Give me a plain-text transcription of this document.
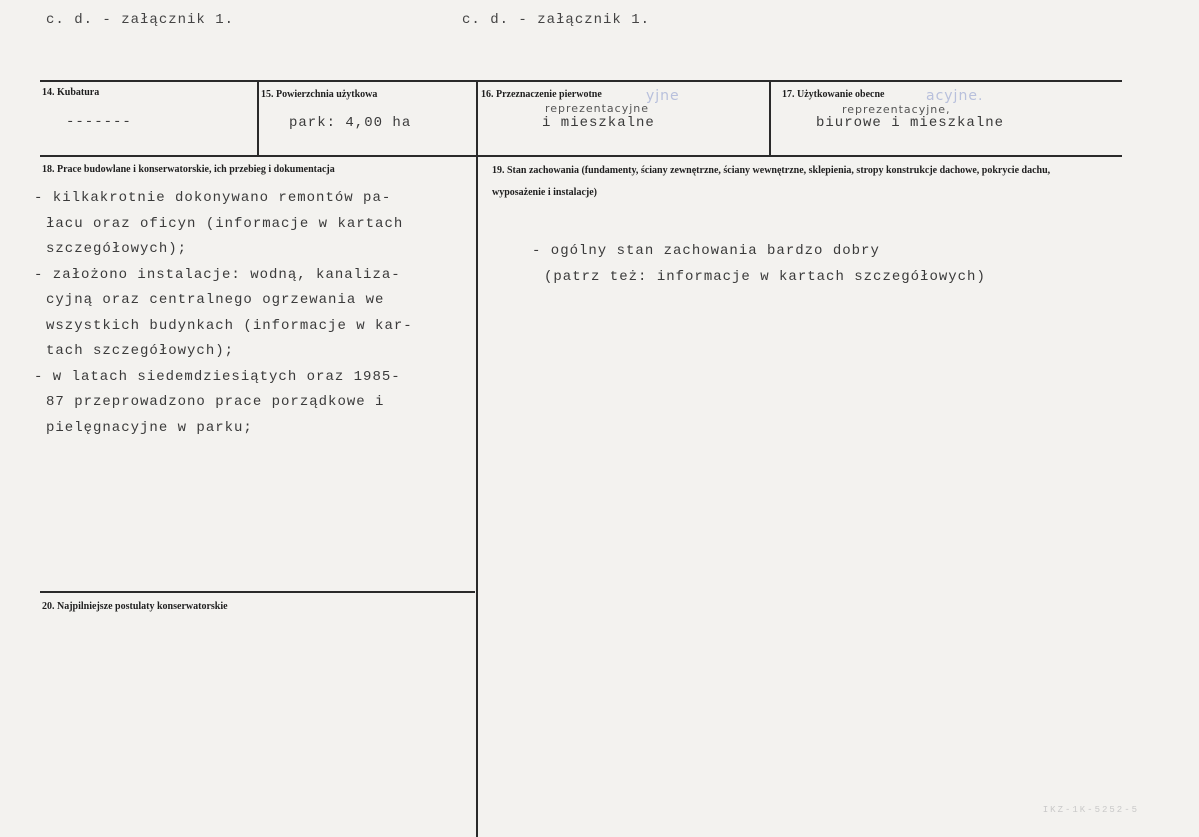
c. d. - załącznik 1.	c. d. - załącznik 1.
14. Kubatura
-------
15. Powierzchnia użytkowa
park: 4,00 ha
yjne
16. Przeznaczenie pierwotne
reprezentacyjne
i mieszkalne
acyjne.
17. Użytkowanie obecne
reprezentacyjne,
biurowe i mieszkalne
18. Prace budowlane i konserwatorskie, ich przebieg i dokumentacja
- kilkakrotnie dokonywano remontów pa-
łacu oraz oficyn (informacje w kartach
szczegółowych);
- założono instalacje: wodną, kanaliza-
cyjną oraz centralnego ogrzewania we
wszystkich budynkach (informacje w kar-
tach szczegółowych);
- w latach siedemdziesiątych oraz 1985-
87 przeprowadzono prace porządkowe i
pielęgnacyjne w parku;
19. Stan zachowania (fundamenty, ściany zewnętrzne, ściany wewnętrzne, sklepienia, stropy konstrukcje dachowe, pokrycie dachu, wyposażenie i instalacje)
- ogólny stan zachowania bardzo dobry
(patrz też: informacje w kartach szczegółowych)
20. Najpilniejsze postulaty konserwatorskie
IKZ-1K-5252-5
